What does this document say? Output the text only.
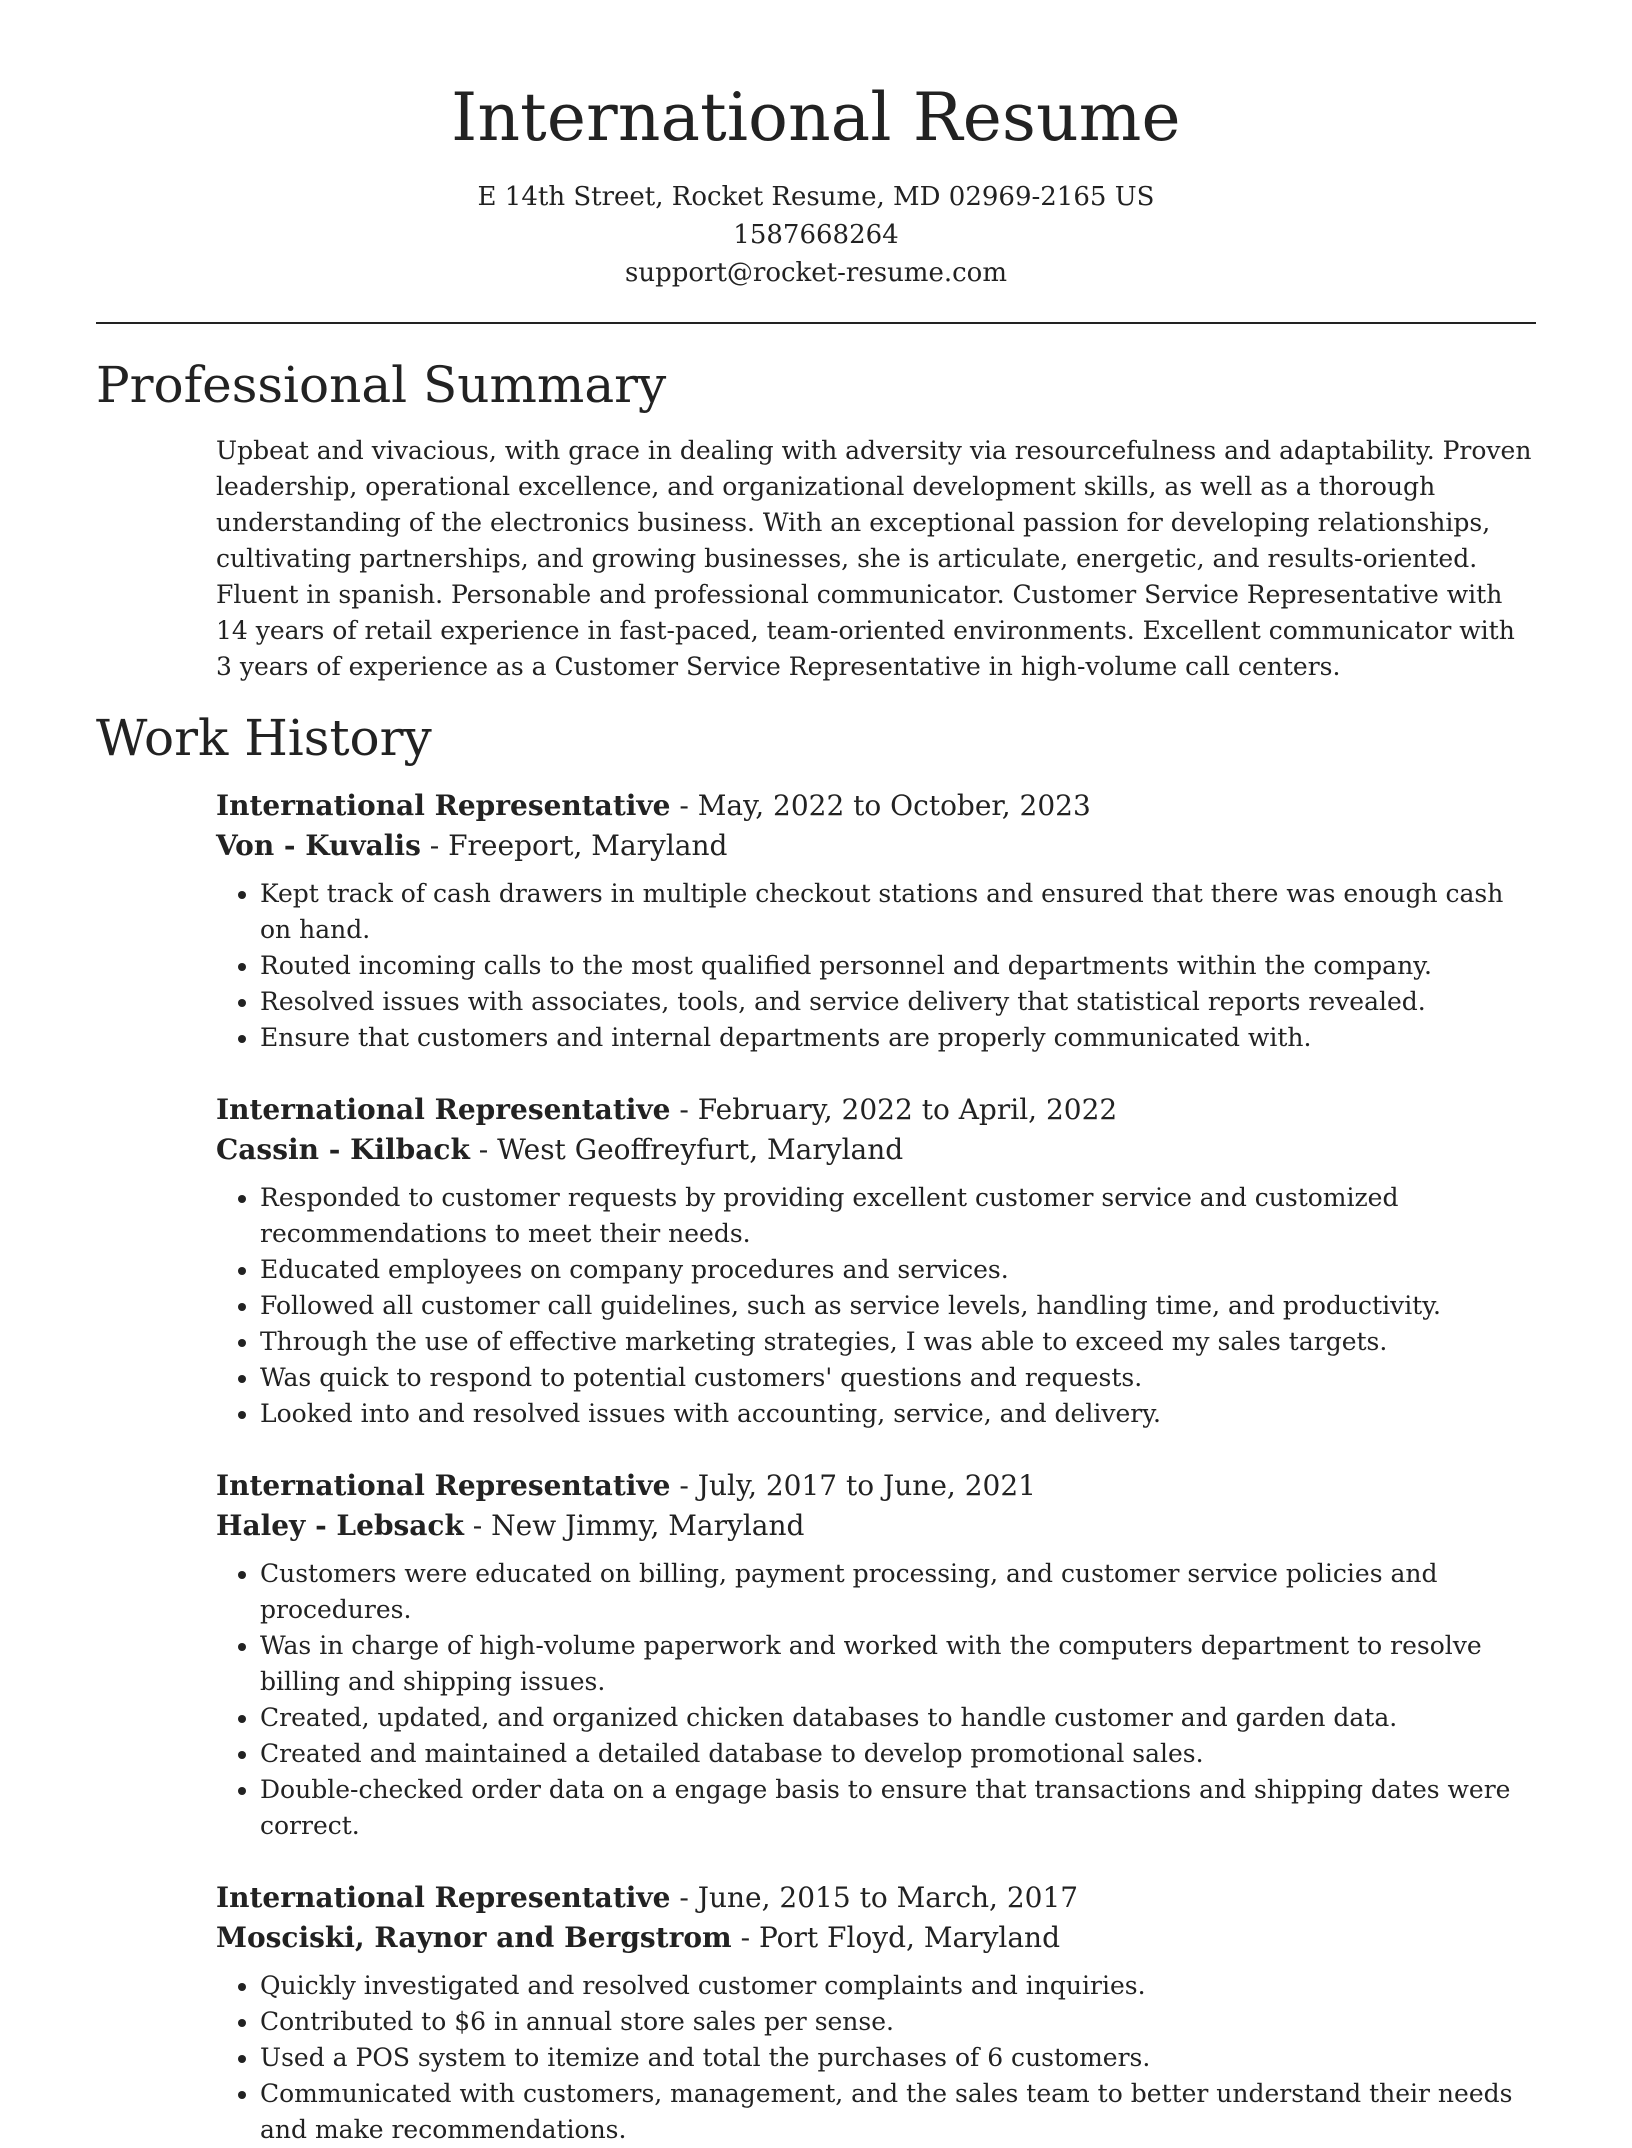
International Resume
E 14th Street, Rocket Resume, MD 02969-2165 US
1587668264
support@rocket-resume.com
Professional Summary

Upbeat and vivacious, with grace in dealing with adversity via resourcefulness and adaptability. Proven leadership, operational excellence, and organizational development skills, as well as a thorough understanding of the electronics business. With an exceptional passion for developing relationships, cultivating partnerships, and growing businesses, she is articulate, energetic, and results-oriented. Fluent in spanish. Personable and professional communicator. Customer Service Representative with 14 years of retail experience in fast-paced, team-oriented environments. Excellent communicator with 3 years of experience as a Customer Service Representative in high-volume call centers.

Work History
International Representative - May, 2022 to October, 2023
Von - Kuvalis - Freeport, Maryland
• Kept track of cash drawers in multiple checkout stations and ensured that there was enough cash on hand.
• Routed incoming calls to the most qualified personnel and departments within the company.
• Resolved issues with associates, tools, and service delivery that statistical reports revealed.
• Ensure that customers and internal departments are properly communicated with.
International Representative - February, 2022 to April, 2022
Cassin - Kilback - West Geoffreyfurt, Maryland
• Responded to customer requests by providing excellent customer service and customized recommendations to meet their needs.
• Educated employees on company procedures and services.
• Followed all customer call guidelines, such as service levels, handling time, and productivity.
• Through the use of effective marketing strategies, I was able to exceed my sales targets.
• Was quick to respond to potential customers' questions and requests.
• Looked into and resolved issues with accounting, service, and delivery.
International Representative - July, 2017 to June, 2021
Haley - Lebsack - New Jimmy, Maryland
• Customers were educated on billing, payment processing, and customer service policies and procedures.
• Was in charge of high-volume paperwork and worked with the computers department to resolve billing and shipping issues.
• Created, updated, and organized chicken databases to handle customer and garden data.
• Created and maintained a detailed database to develop promotional sales.
• Double-checked order data on a engage basis to ensure that transactions and shipping dates were correct.
International Representative - June, 2015 to March, 2017
Mosciski, Raynor and Bergstrom - Port Floyd, Maryland
• Quickly investigated and resolved customer complaints and inquiries.
• Contributed to $6 in annual store sales per sense.
• Used a POS system to itemize and total the purchases of 6 customers.
• Communicated with customers, management, and the sales team to better understand their needs and make recommendations.
